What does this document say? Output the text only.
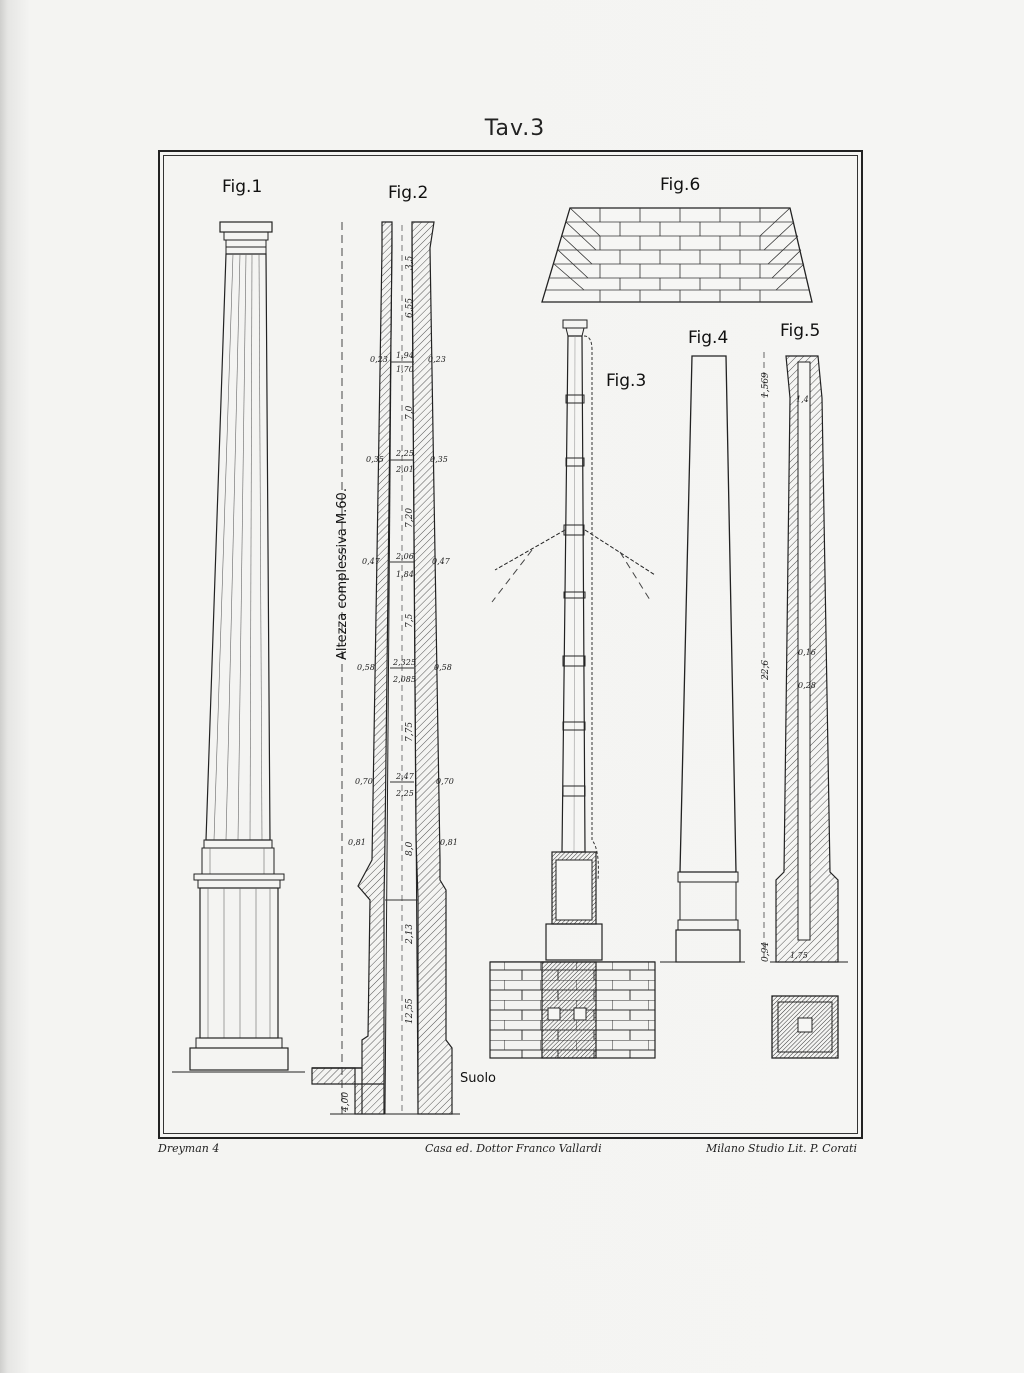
Tav.3
Fig.1	Fig.2
Altezza complessiva M.60.
3,5
6,55
7,0
7,20
7,5
7,75
8,0
2,13
12,55
1,94
1,70
2,25
2,01
2,06
1,84
2,325
2,085
2,47
2,25
0,23
0,35
0,47
0,58
0,70
0,81
0,23
0,35
0,47
0,58
0,70
0,81
4,00
Suolo
Fig.6
Fig.3
Fig.4	Fig.5
1,569
1,4
22,6
0,16
0,28
0,94 1,75
Dreyman 4	Casa ed. Dottor Franco Vallardi	Milano Studio Lit. P. Corati
